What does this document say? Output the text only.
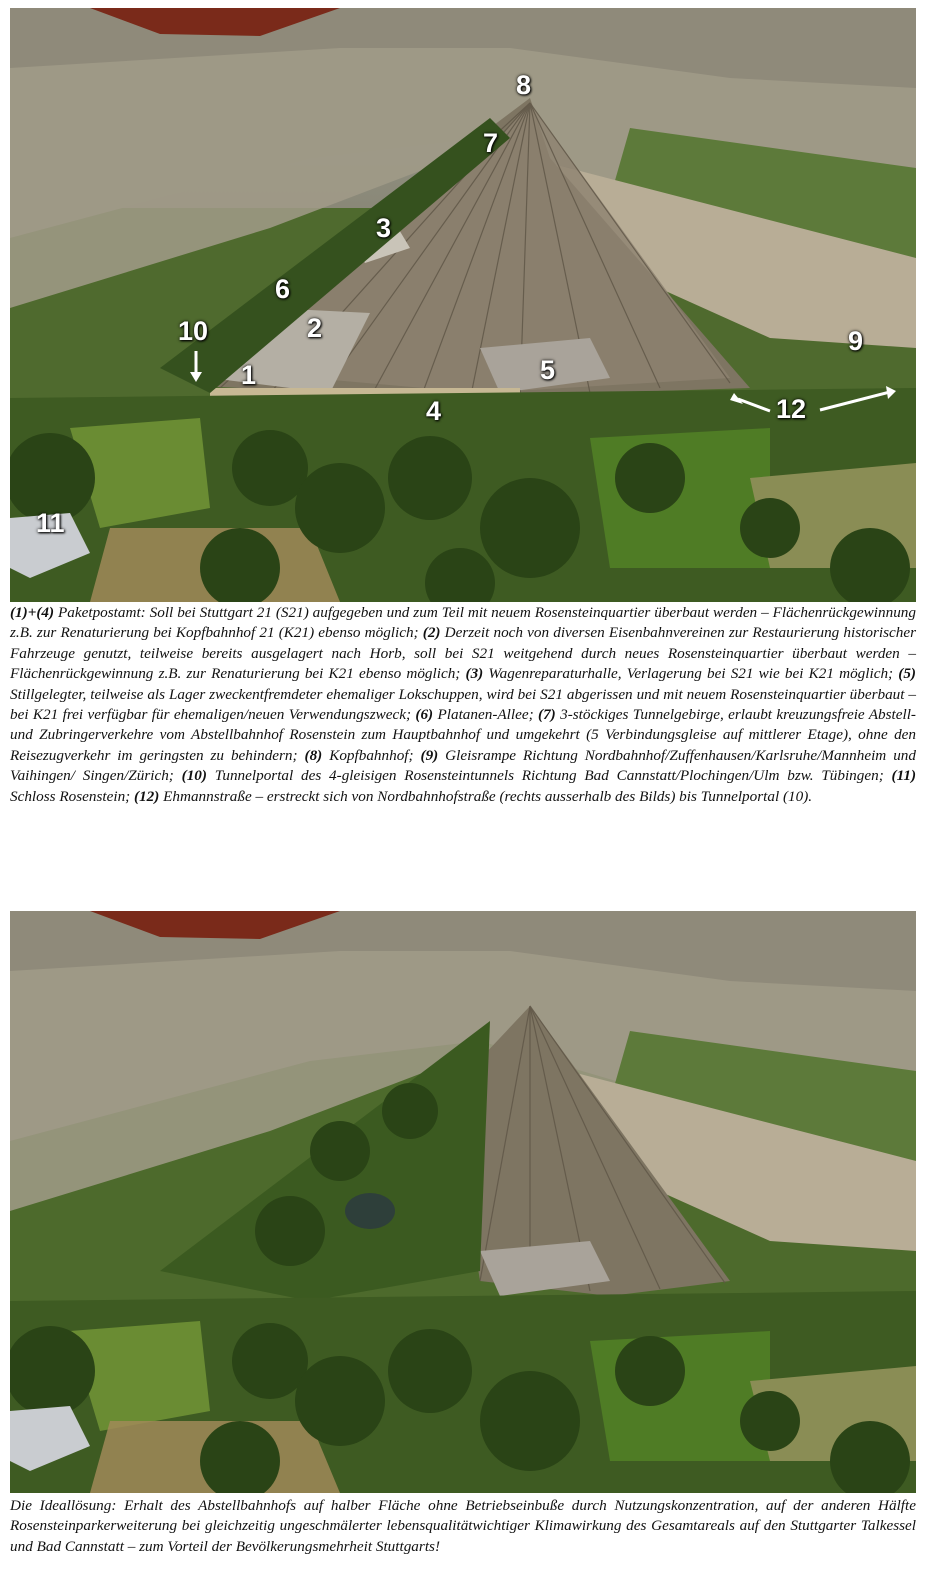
1
2
3
4
5
6
7
8
9
10
11
12
(1)+(4) Paketpostamt: Soll bei Stuttgart 21 (S21) aufgegeben und zum Teil mit neuem Rosensteinquartier überbaut werden – Flächenrückgewinnung z.B. zur Renaturierung bei Kopfbahnhof 21 (K21) ebenso möglich; (2) Derzeit noch von diversen Eisenbahnvereinen zur Restaurierung historischer Fahrzeuge genutzt, teilweise bereits ausgelagert nach Horb, soll bei S21 weitgehend durch neues Rosensteinquartier überbaut werden – Flächenrückgewinnung z.B. zur Renaturierung bei K21 ebenso möglich; (3) Wagenreparaturhalle, Verlagerung bei S21 wie bei K21 möglich; (5) Stillgelegter, teilweise als Lager zweckentfremdeter ehemaliger Lokschuppen, wird bei S21 abgerissen und mit neuem Rosensteinquartier überbaut – bei K21 frei verfügbar für ehemaligen/neuen Verwendungszweck; (6) Platanen-Allee; (7) 3-stöckiges Tunnelgebirge, erlaubt kreuzungsfreie Abstell- und Zubringerverkehre vom Abstellbahnhof Rosenstein zum Hauptbahnhof und umgekehrt (5 Verbindungsgleise auf mittlerer Etage), ohne den Reisezugverkehr im geringsten zu behindern; (8) Kopfbahnhof; (9) Gleisrampe Richtung Nordbahnhof/Zuffenhausen/Karlsruhe/Mannheim und Vaihingen/ Singen/Zürich; (10) Tunnelportal des 4-gleisigen Rosensteintunnels Richtung Bad Cannstatt/Plochingen/Ulm bzw. Tübingen; (11) Schloss Rosenstein; (12) Ehmannstraße – erstreckt sich von Nordbahnhofstraße (rechts ausserhalb des Bilds) bis Tunnelportal (10).
Die Ideallösung: Erhalt des Abstellbahnhofs auf halber Fläche ohne Betriebseinbuße durch Nutzungskonzentration, auf der anderen Hälfte Rosensteinparkerweiterung bei gleichzeitig ungeschmälerter lebensqualitätwichtiger Klimawirkung des Gesamtareals auf den Stuttgarter Talkessel und Bad Cannstatt – zum Vorteil der Bevölkerungsmehrheit Stuttgarts!
